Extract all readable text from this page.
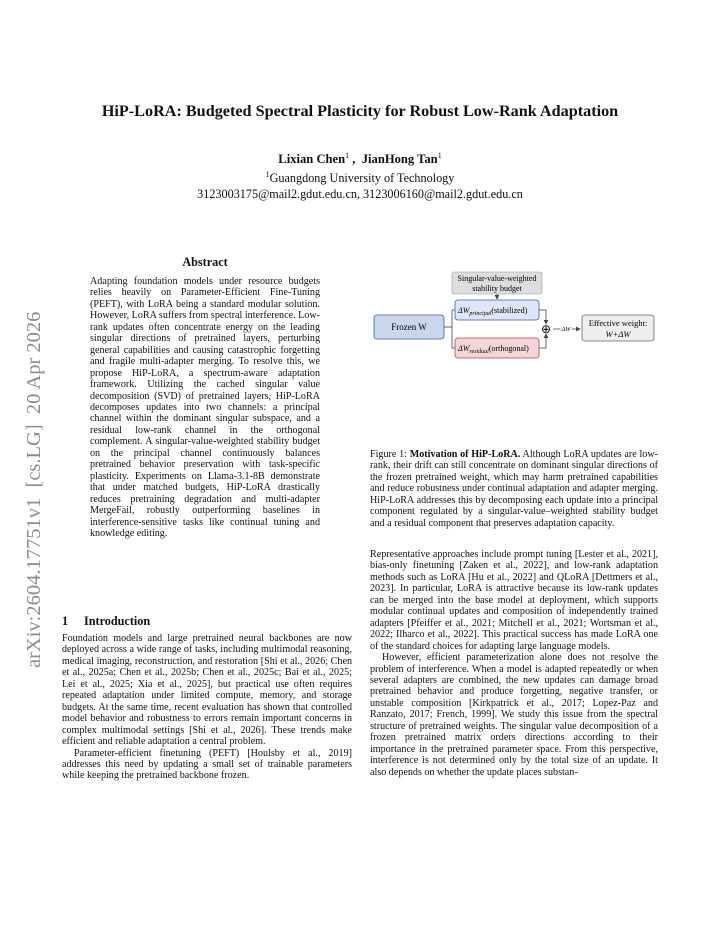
arXiv:2604.17751v1  [cs.LG]  20 Apr 2026
HiP-LoRA: Budgeted Spectral Plasticity for Robust Low-Rank Adaptation
Lixian Chen$^1$ ,  JianHong Tan$^1$
$^1$Guangdong University of Technology
3123003175@mail2.gdut.edu.cn, 3123006160@mail2.gdut.edu.cn
Abstract

Adapting foundation models under resource budgets relies heavily on Parameter-Efficient Fine-Tuning (PEFT), with LoRA being a standard modular solution. However, LoRA suffers from spectral interference. Low-rank updates often concentrate energy on the leading singular directions of pretrained layers, perturbing general capabilities and causing catastrophic forgetting and fragile multi-adapter merging. To resolve this, we propose HiP-LoRA, a spectrum-aware adaptation framework. Utilizing the cached singular value decomposition (SVD) of pretrained layers, HiP-LoRA decomposes updates into two channels: a principal channel within the dominant singular subspace, and a residual low-rank channel in the orthogonal complement. A singular-value-weighted stability budget on the principal channel continuously balances pretrained behavior preservation with task-specific plasticity. Experiments on Llama-3.1-8B demonstrate that under matched budgets, HiP-LoRA drastically reduces pretraining degradation and multi-adapter MergeFail, robustly outperforming baselines in interference-sensitive tasks like continual tuning and knowledge editing.

Singular-value-weighted
stability budget
Frozen W
$\Delta W_{principal}(stabilized)$
$\Delta W_{residual}(orthogonal)$
⊕ ΔW
Effective weight:
W+ΔW

Figure 1: Motivation of HiP-LoRA. Although LoRA updates are low-rank, their drift can still concentrate on dominant singular directions of the frozen pretrained weight, which may harm pretrained capabilities and reduce robustness under continual adaptation and adapter merging. HiP-LoRA addresses this by decomposing each update into a principal component regulated by a singular-value–weighted stability budget and a residual component that preserves adaptation capacity.

1 Introduction

Foundation models and large pretrained neural backbones are now deployed across a wide range of tasks, including multimodal reasoning, medical imaging, reconstruction, and restoration [Shi et al., 2026; Chen et al., 2025a; Chen et al., 2025b; Chen et al., 2025c; Bai et al., 2025; Lei et al., 2025; Xia et al., 2025], but practical use often requires repeated adaptation under limited compute, memory, and storage budgets. At the same time, recent evaluation has shown that controlled model behavior and robustness to errors remain important concerns in complex multimodal settings [Shi et al., 2026]. These trends make efficient and reliable adaptation a central problem.

Parameter-efficient finetuning (PEFT) [Houlsby et al., 2019] addresses this need by updating a small set of trainable parameters while keeping the pretrained backbone frozen.

Representative approaches include prompt tuning [Lester et al., 2021], bias-only finetuning [Zaken et al., 2022], and low-rank adaptation methods such as LoRA [Hu et al., 2022] and QLoRA [Dettmers et al., 2023]. In particular, LoRA is attractive because its low-rank updates can be merged into the base model at deployment, which supports modular continual updates and composition of independently trained adapters [Pfeiffer et al., 2021; Mitchell et al., 2021; Wortsman et al., 2022; Ilharco et al., 2022]. This practical success has made LoRA one of the standard choices for adapting large language models.

However, efficient parameterization alone does not resolve the problem of interference. When a model is adapted repeatedly or when several adapters are combined, the new updates can damage broad pretrained behavior and produce forgetting, negative transfer, or unstable composition [Kirkpatrick et al., 2017; Lopez-Paz and Ranzato, 2017; French, 1999]. We study this issue from the spectral structure of pretrained weights. The singular value decomposition of a frozen pretrained matrix orders directions according to their importance in the pretrained parameter space. From this perspective, interference is not determined only by the total size of an update. It also depends on whether the update places substan-
